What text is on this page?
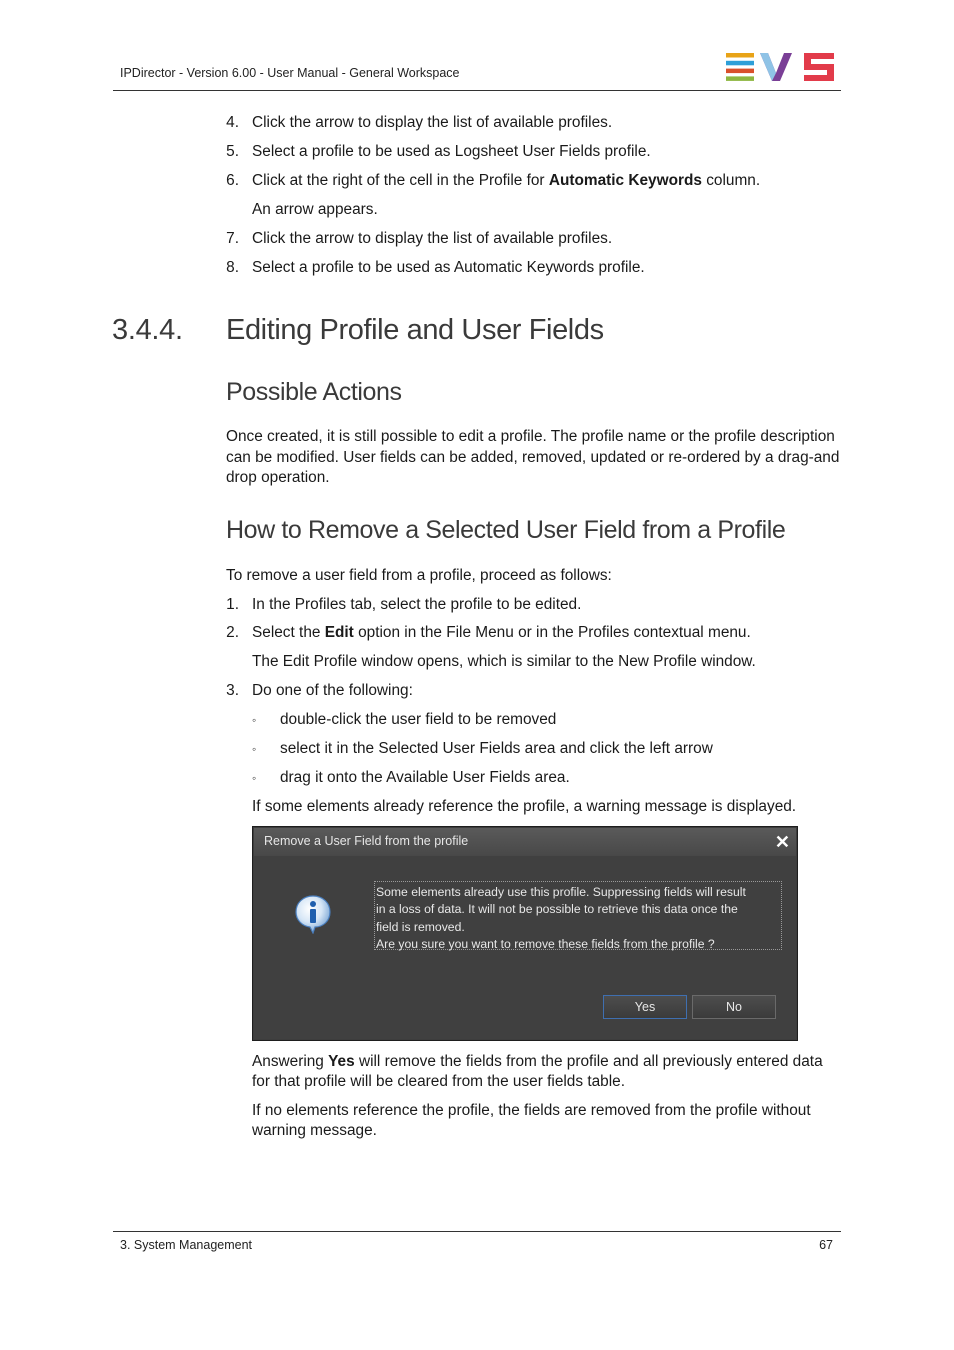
IPDirector - Version 6.00 - User Manual - General Workspace
4. Click the arrow to display the list of available profiles.
5. Select a profile to be used as Logsheet User Fields profile.
6. Click at the right of the cell in the Profile for Automatic Keywords column.
An arrow appears.
7. Click the arrow to display the list of available profiles.
8. Select a profile to be used as Automatic Keywords profile.
3.4.4. Editing Profile and User Fields
Possible Actions
Once created, it is still possible to edit a profile. The profile name or the profile description
can be modified. User fields can be added, removed, updated or re-ordered by a drag-and
drop operation.
How to Remove a Selected User Field from a Profile
To remove a user field from a profile, proceed as follows:
1. In the Profiles tab, select the profile to be edited.
2. Select the Edit option in the File Menu or in the Profiles contextual menu.
The Edit Profile window opens, which is similar to the New Profile window.
3. Do one of the following:
◦ double-click the user field to be removed
◦ select it in the Selected User Fields area and click the left arrow
◦ drag it onto the Available User Fields area.
If some elements already reference the profile, a warning message is displayed.
Remove a User Field from the profile	✕
Some elements already use this profile. Suppressing fields will result
in a loss of data. It will not be possible to retrieve this data once the
field is removed.
Are you sure you want to remove these fields from the profile ?
Yes	No
Answering Yes will remove the fields from the profile and all previously entered data
for that profile will be cleared from the user fields table.
If no elements reference the profile, the fields are removed from the profile without
warning message.
3. System Management	67
